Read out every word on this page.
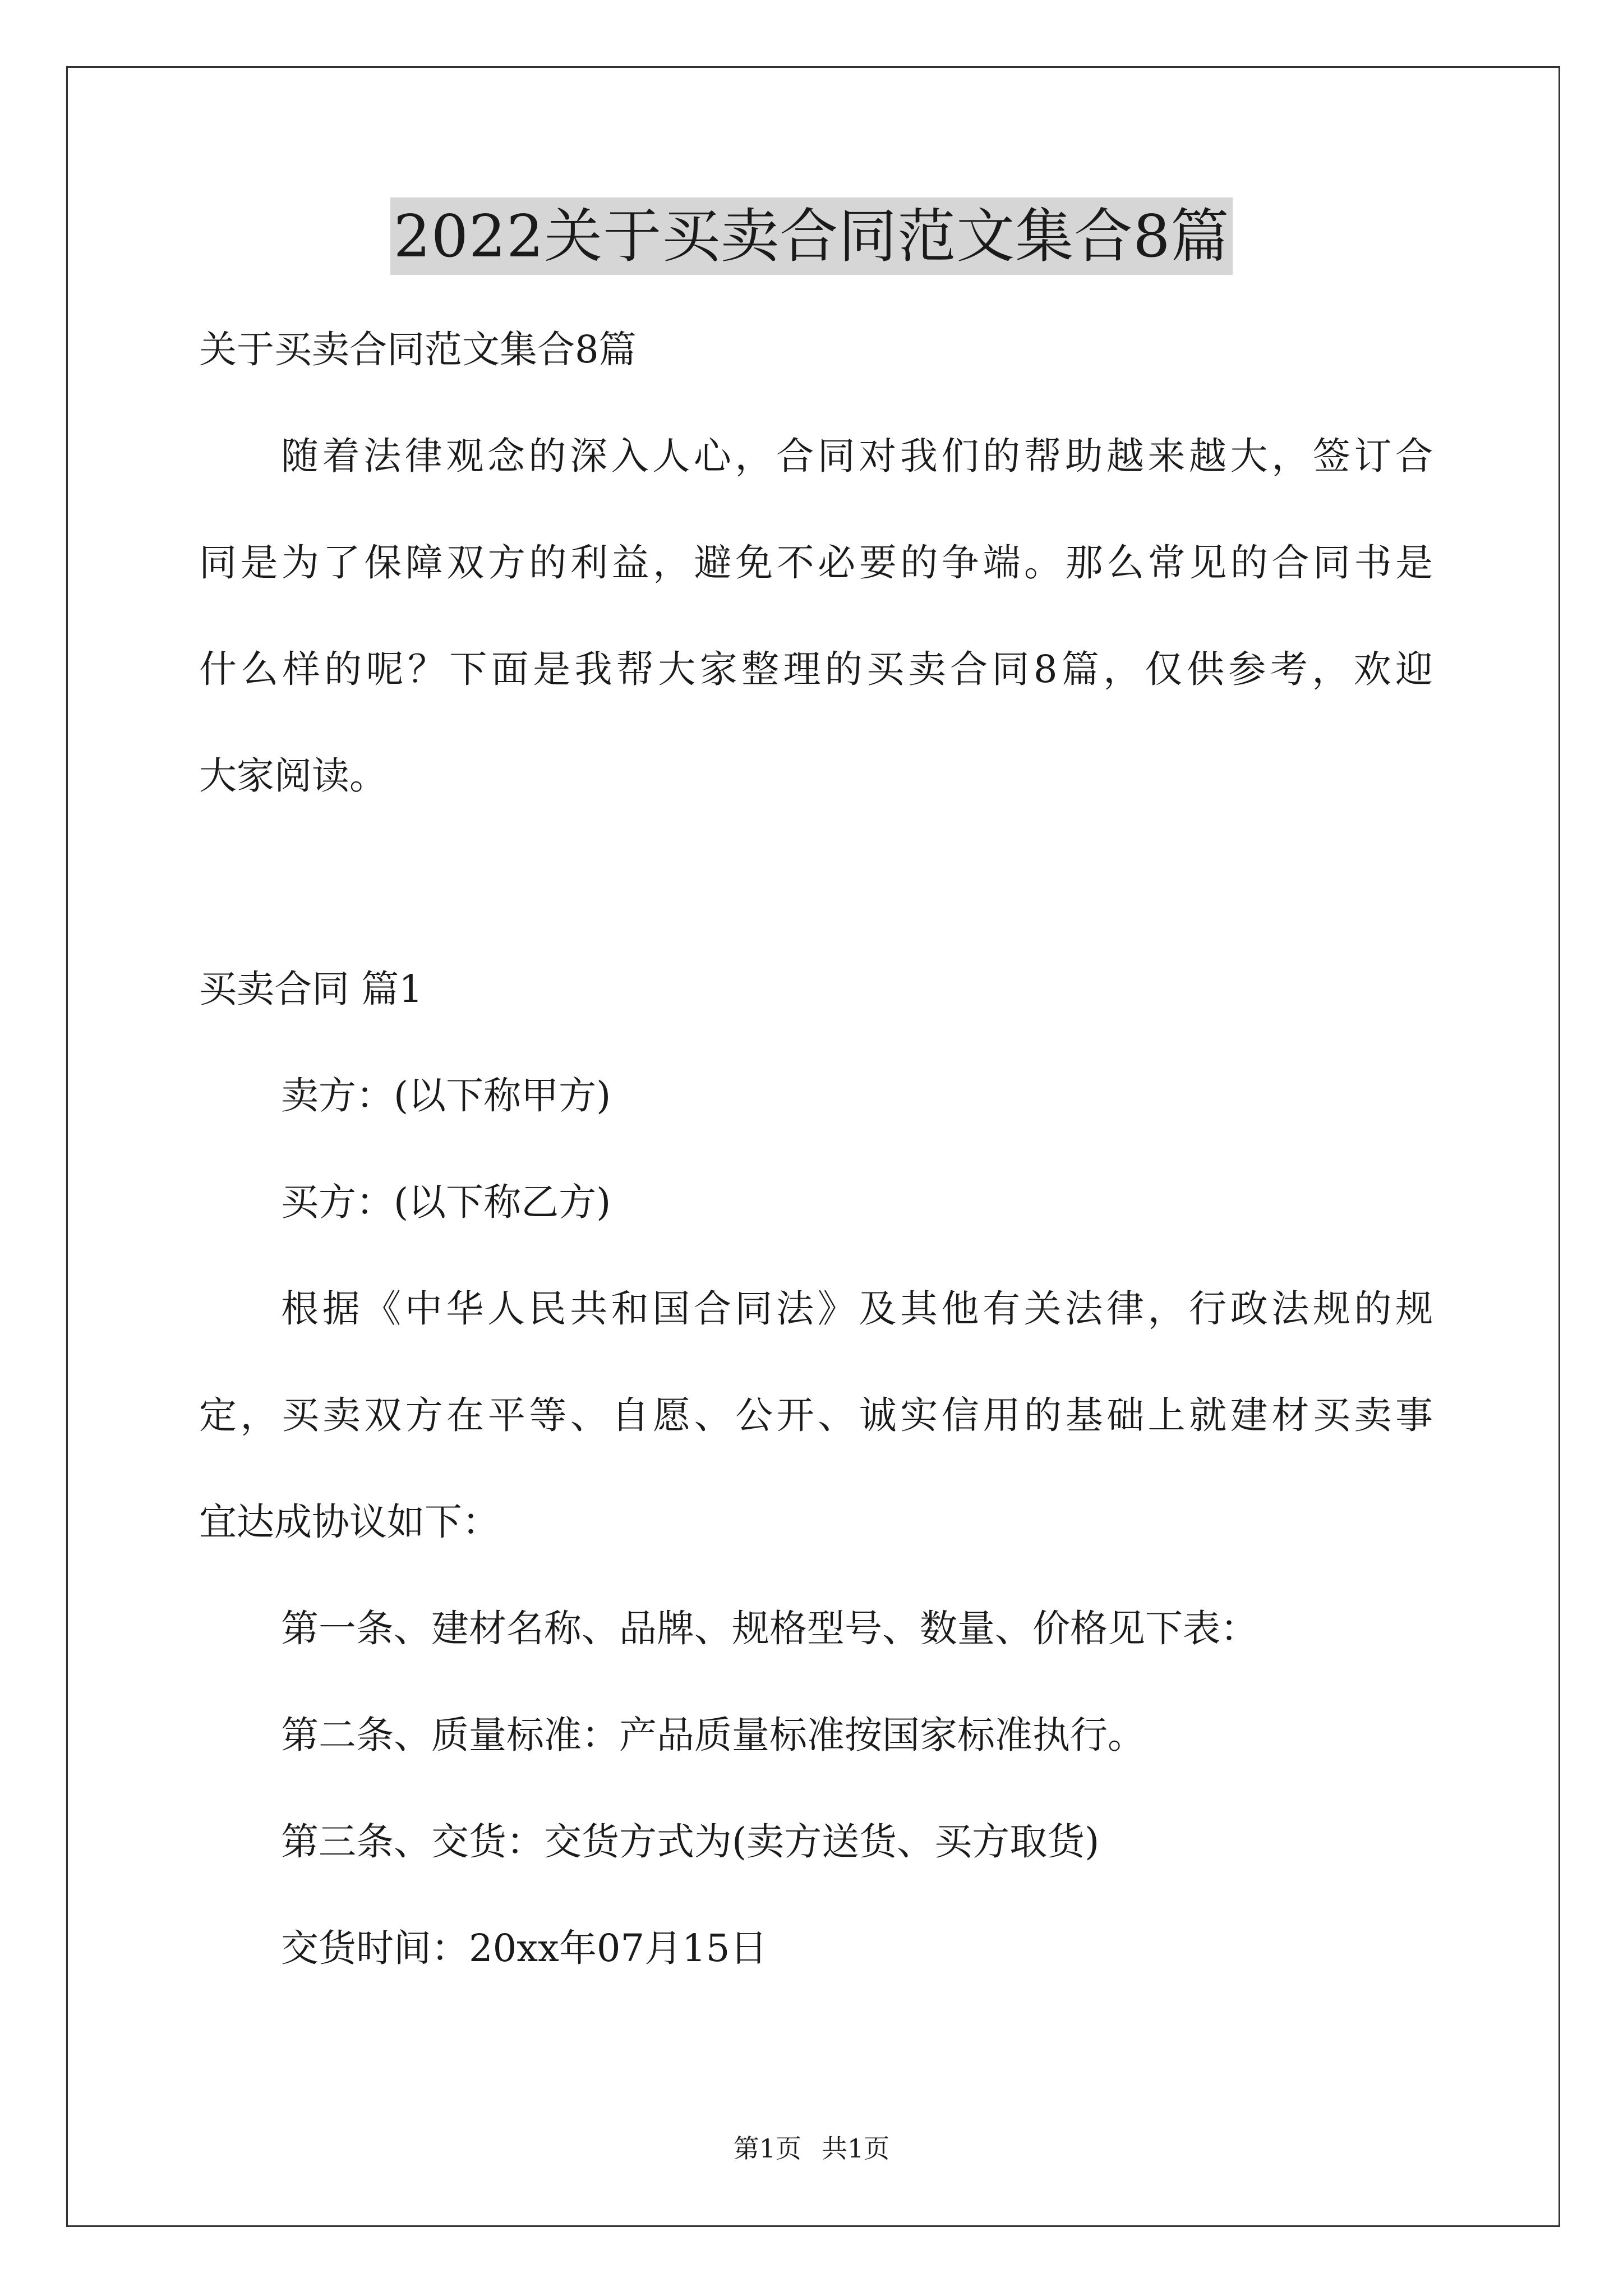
2022关于买卖合同范文集合8篇
关于买卖合同范文集合8篇
随着法律观念的深入人心，合同对我们的帮助越来越大，签订合
同是为了保障双方的利益，避免不必要的争端。那么常见的合同书是
什么样的呢？下面是我帮大家整理的买卖合同8篇，仅供参考，欢迎
大家阅读。
买卖合同 篇1
卖方：(以下称甲方)
买方：(以下称乙方)
根据《中华人民共和国合同法》及其他有关法律，行政法规的规
定，买卖双方在平等、自愿、公开、诚实信用的基础上就建材买卖事
宜达成协议如下：
第一条、建材名称、品牌、规格型号、数量、价格见下表：
第二条、质量标准：产品质量标准按国家标准执行。
第三条、交货：交货方式为(卖方送货、买方取货)
交货时间：20xx年07月15日
第1页 共1页
